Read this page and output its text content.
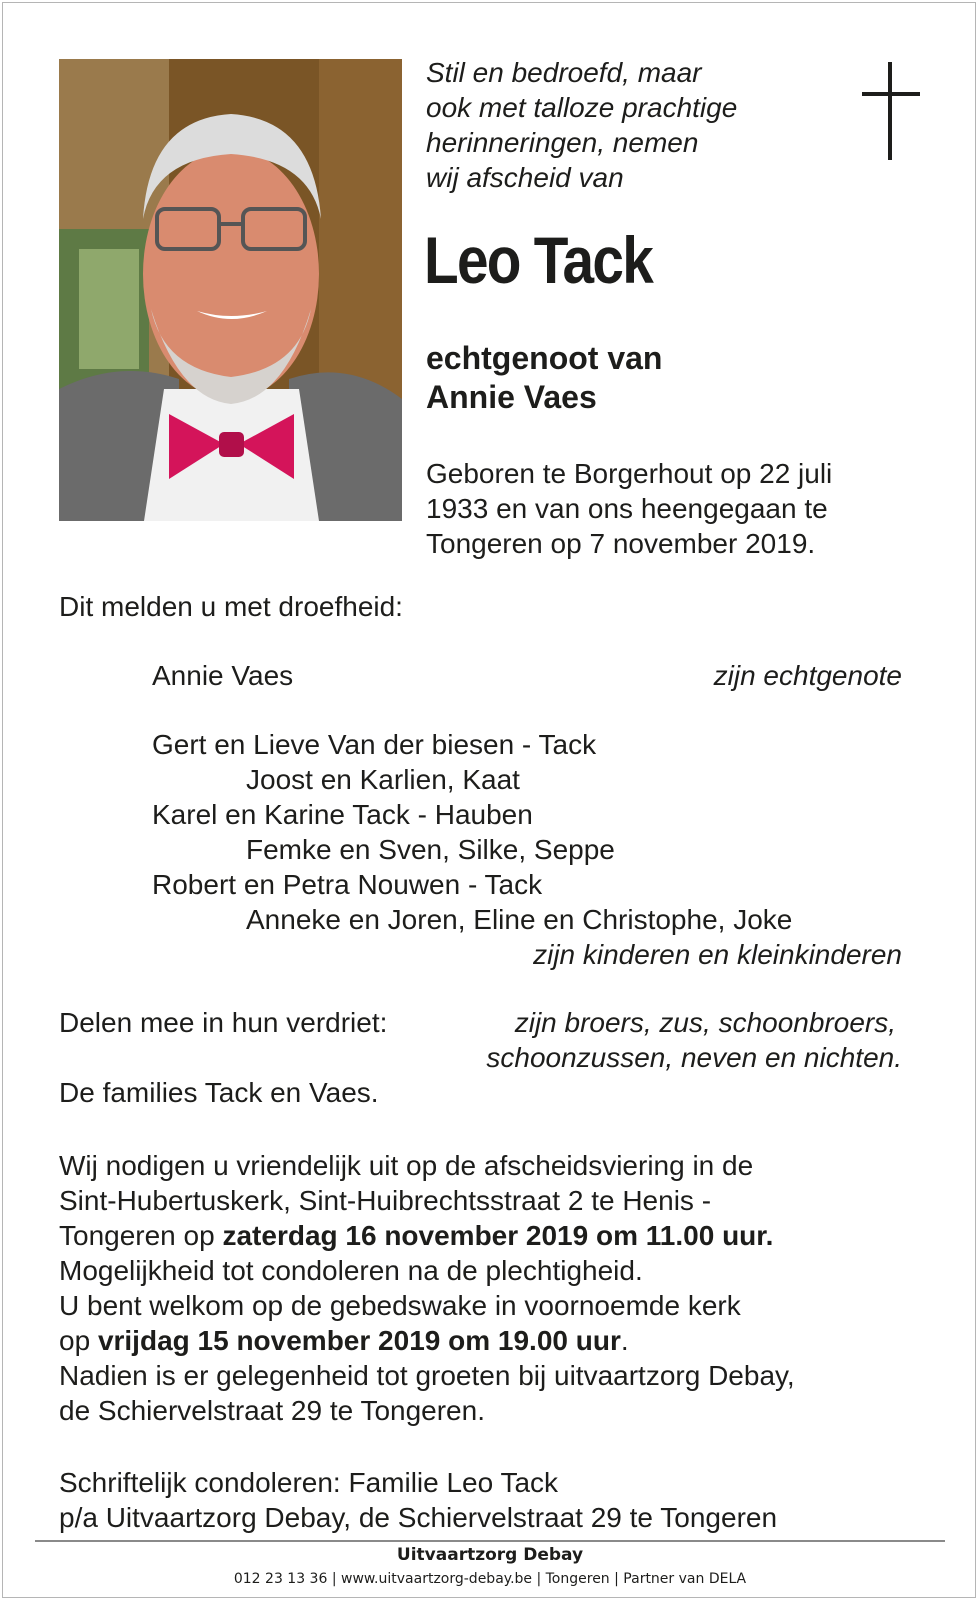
Stil en bedroefd, maar
ook met talloze prachtige
herinneringen, nemen
wij afscheid van
Leo Tack
echtgenoot van
Annie Vaes
Geboren te Borgerhout op 22 juli
1933 en van ons heengegaan te
Tongeren op 7 november 2019.
Dit melden u met droefheid:
Annie Vaes	zijn echtgenote
Gert en Lieve Van der biesen - Tack
Joost en Karlien, Kaat
Karel en Karine Tack - Hauben
Femke en Sven, Silke, Seppe
Robert en Petra Nouwen - Tack
Anneke en Joren, Eline en Christophe, Joke
zijn kinderen en kleinkinderen
Delen mee in hun verdriet:	zijn broers, zus, schoonbroers,
schoonzussen, neven en nichten.
De families Tack en Vaes.
Wij nodigen u vriendelijk uit op de afscheidsviering in de
Sint-Hubertuskerk, Sint-Huibrechtsstraat 2 te Henis -
Tongeren op zaterdag 16 november 2019 om 11.00 uur.
Mogelijkheid tot condoleren na de plechtigheid.
U bent welkom op de gebedswake in voornoemde kerk
op vrijdag 15 november 2019 om 19.00 uur.
Nadien is er gelegenheid tot groeten bij uitvaartzorg Debay,
de Schiervelstraat 29 te Tongeren.
Schriftelijk condoleren: Familie Leo Tack
p/a Uitvaartzorg Debay, de Schiervelstraat 29 te Tongeren
Uitvaartzorg Debay
012 23 13 36 | www.uitvaartzorg-debay.be | Tongeren | Partner van DELA
